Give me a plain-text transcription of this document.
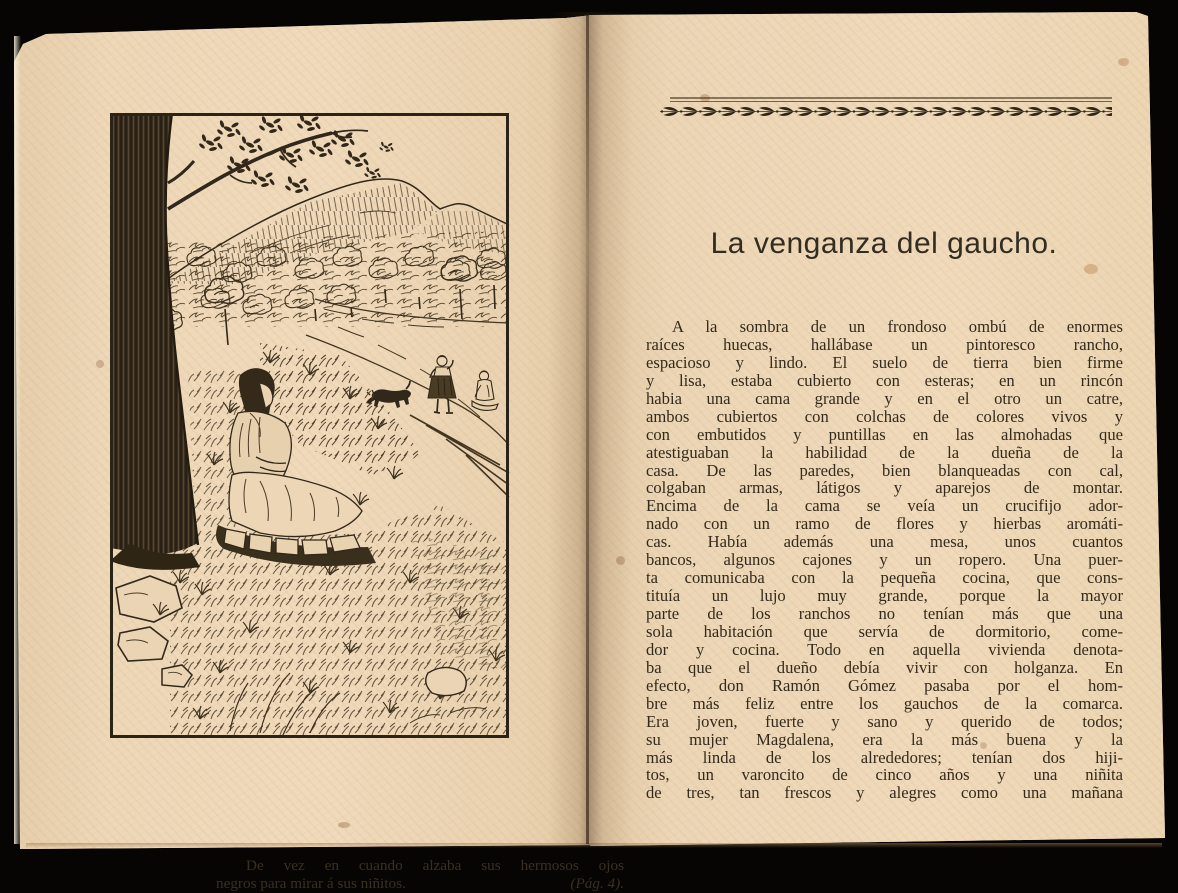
De vez en cuando alzaba sus hermosos ojos
negros para mirar á sus niñitos.	(Pág. 4).
La venganza del gaucho.
A la sombra de un frondoso ombú de enormes
raíces huecas, hallábase un pintoresco rancho,
espacioso y lindo. El suelo de tierra bien firme
y lisa, estaba cubierto con esteras; en un rincón
habia una cama grande y en el otro un catre,
ambos cubiertos con colchas de colores vivos y
con embutidos y puntillas en las almohadas que
atestiguaban la habilidad de la dueña de la
casa. De las paredes, bien blanqueadas con cal,
colgaban armas, látigos y aparejos de montar.
Encima de la cama se veía un crucifijo ador-
nado con un ramo de flores y hierbas aromáti-
cas. Había además una mesa, unos cuantos
bancos, algunos cajones y un ropero. Una puer-
ta comunicaba con la pequeña cocina, que cons-
tituía un lujo muy grande, porque la mayor
parte de los ranchos no tenían más que una
sola habitación que servía de dormitorio, come-
dor y cocina. Todo en aquella vivienda denota-
ba que el dueño debía vivir con holganza. En
efecto, don Ramón Gómez pasaba por el hom-
bre más feliz entre los gauchos de la comarca.
Era joven, fuerte y sano y querido de todos;
su mujer Magdalena, era la más buena y la
más linda de los alrededores; tenían dos hiji-
tos, un varoncito de cinco años y una niñita
de tres, tan frescos y alegres como una mañana
